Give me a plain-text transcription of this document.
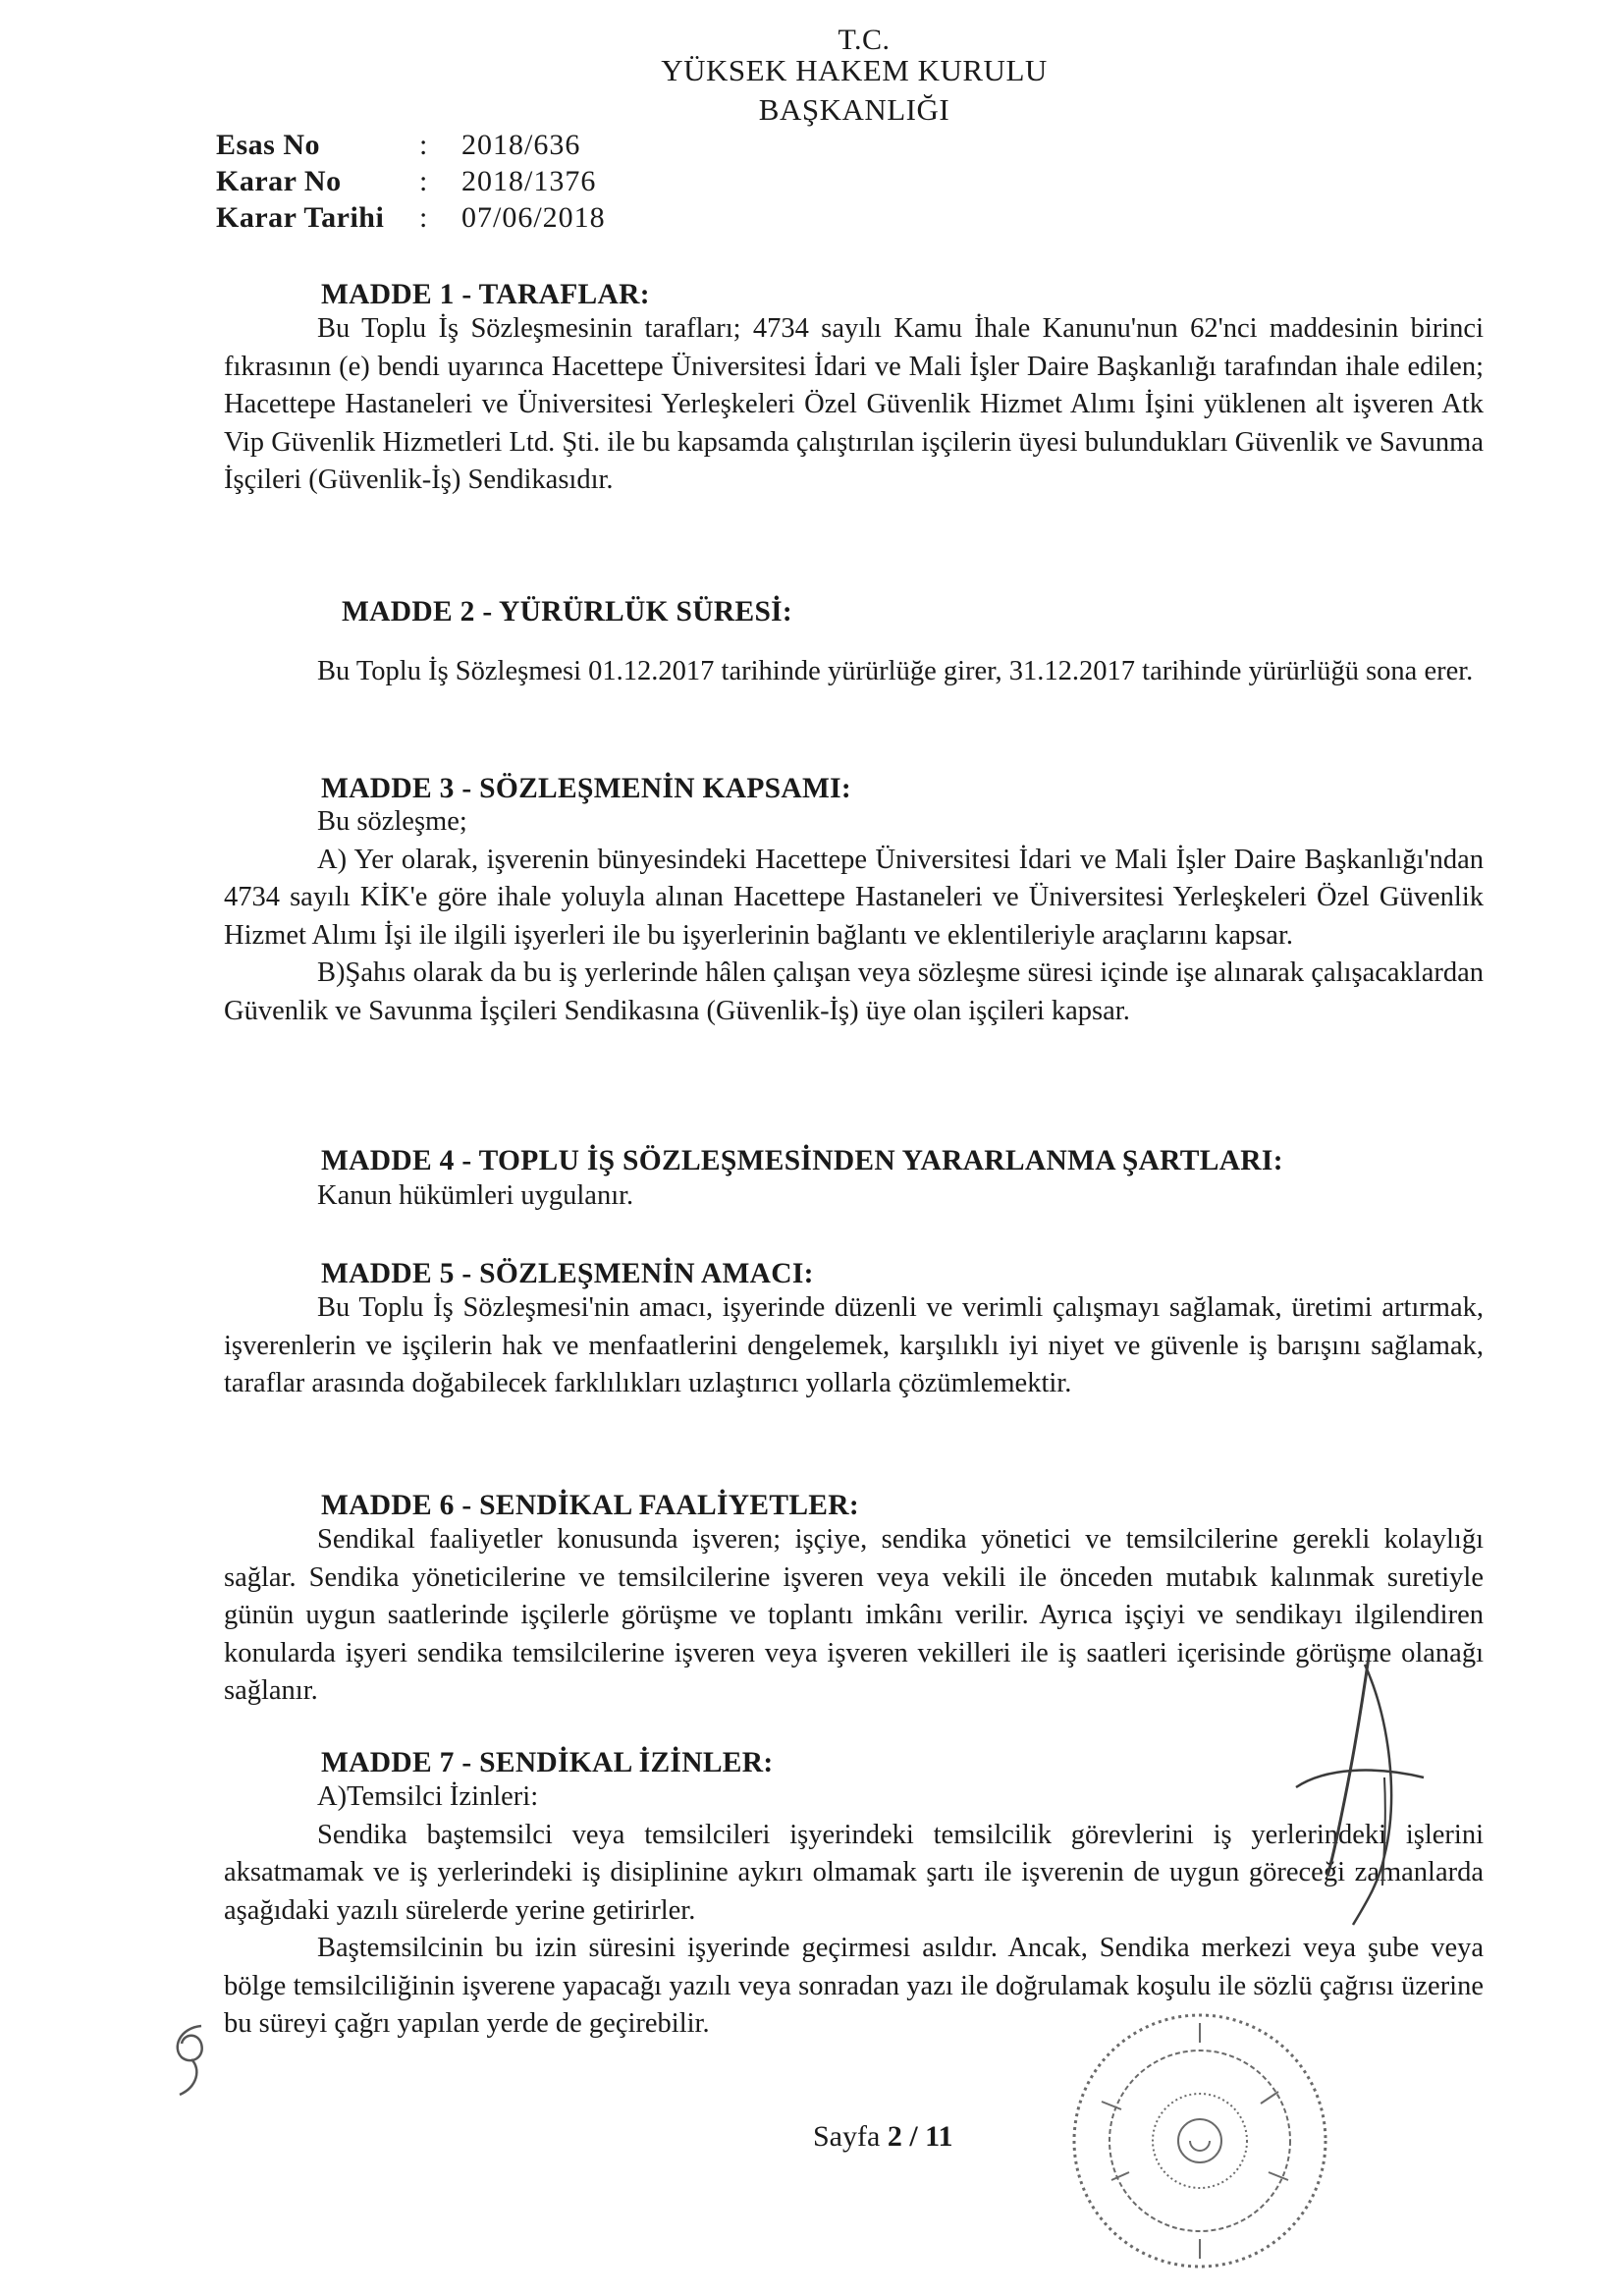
T.C.
YÜKSEK HAKEM KURULU
BAŞKANLIĞI
Esas No	: 2018/636
Karar No	: 2018/1376
Karar Tarihi : 07/06/2018
MADDE 1 - TARAFLAR:

Bu Toplu İş Sözleşmesinin tarafları; 4734 sayılı Kamu İhale Kanunu'nun 62'nci maddesinin birinci fıkrasının (e) bendi uyarınca Hacettepe Üniversitesi İdari ve Mali İşler Daire Başkanlığı tarafından ihale edilen; Hacettepe Hastaneleri ve Üniversitesi Yerleşkeleri Özel Güvenlik Hizmet Alımı İşini yüklenen alt işveren Atk Vip Güvenlik Hizmetleri Ltd. Şti. ile bu kapsamda çalıştırılan işçilerin üyesi bulundukları Güvenlik ve Savunma İşçileri (Güvenlik-İş) Sendikasıdır.

MADDE 2 - YÜRÜRLÜK SÜRESİ:

Bu Toplu İş Sözleşmesi 01.12.2017 tarihinde yürürlüğe girer, 31.12.2017 tarihinde yürürlüğü sona erer.

MADDE 3 - SÖZLEŞMENİN KAPSAMI:

Bu sözleşme;

A) Yer olarak, işverenin bünyesindeki Hacettepe Üniversitesi İdari ve Mali İşler Daire Başkanlığı'ndan 4734 sayılı KİK'e göre ihale yoluyla alınan Hacettepe Hastaneleri ve Üniversitesi Yerleşkeleri Özel Güvenlik Hizmet Alımı İşi ile ilgili işyerleri ile bu işyerlerinin bağlantı ve eklentileriyle araçlarını kapsar.

B)Şahıs olarak da bu iş yerlerinde hâlen çalışan veya sözleşme süresi içinde işe alınarak çalışacaklardan Güvenlik ve Savunma İşçileri Sendikasına (Güvenlik-İş) üye olan işçileri kapsar.

MADDE 4 - TOPLU İŞ SÖZLEŞMESİNDEN YARARLANMA ŞARTLARI:

Kanun hükümleri uygulanır.

MADDE 5 - SÖZLEŞMENİN AMACI:

Bu Toplu İş Sözleşmesi'nin amacı, işyerinde düzenli ve verimli çalışmayı sağlamak, üretimi artırmak, işverenlerin ve işçilerin hak ve menfaatlerini dengelemek, karşılıklı iyi niyet ve güvenle iş barışını sağlamak, taraflar arasında doğabilecek farklılıkları uzlaştırıcı yollarla çözümlemektir.

MADDE 6 - SENDİKAL FAALİYETLER:

Sendikal faaliyetler konusunda işveren; işçiye, sendika yönetici ve temsilcilerine gerekli kolaylığı sağlar. Sendika yöneticilerine ve temsilcilerine işveren veya vekili ile önceden mutabık kalınmak suretiyle günün uygun saatlerinde işçilerle görüşme ve toplantı imkânı verilir. Ayrıca işçiyi ve sendikayı ilgilendiren konularda işyeri sendika temsilcilerine işveren veya işveren vekilleri ile iş saatleri içerisinde görüşme olanağı sağlanır.

MADDE 7 - SENDİKAL İZİNLER:

A)Temsilci İzinleri:

Sendika baştemsilci veya temsilcileri işyerindeki temsilcilik görevlerini iş yerlerindeki işlerini aksatmamak ve iş yerlerindeki iş disiplinine aykırı olmamak şartı ile işverenin de uygun göreceği zamanlarda aşağıdaki yazılı sürelerde yerine getirirler.

Baştemsilcinin bu izin süresini işyerinde geçirmesi asıldır. Ancak, Sendika merkezi veya şube veya bölge temsilciliğinin işverene yapacağı yazılı veya sonradan yazı ile doğrulamak koşulu ile sözlü çağrısı üzerine bu süreyi çağrı yapılan yerde de geçirebilir.

Sayfa 2 / 11
